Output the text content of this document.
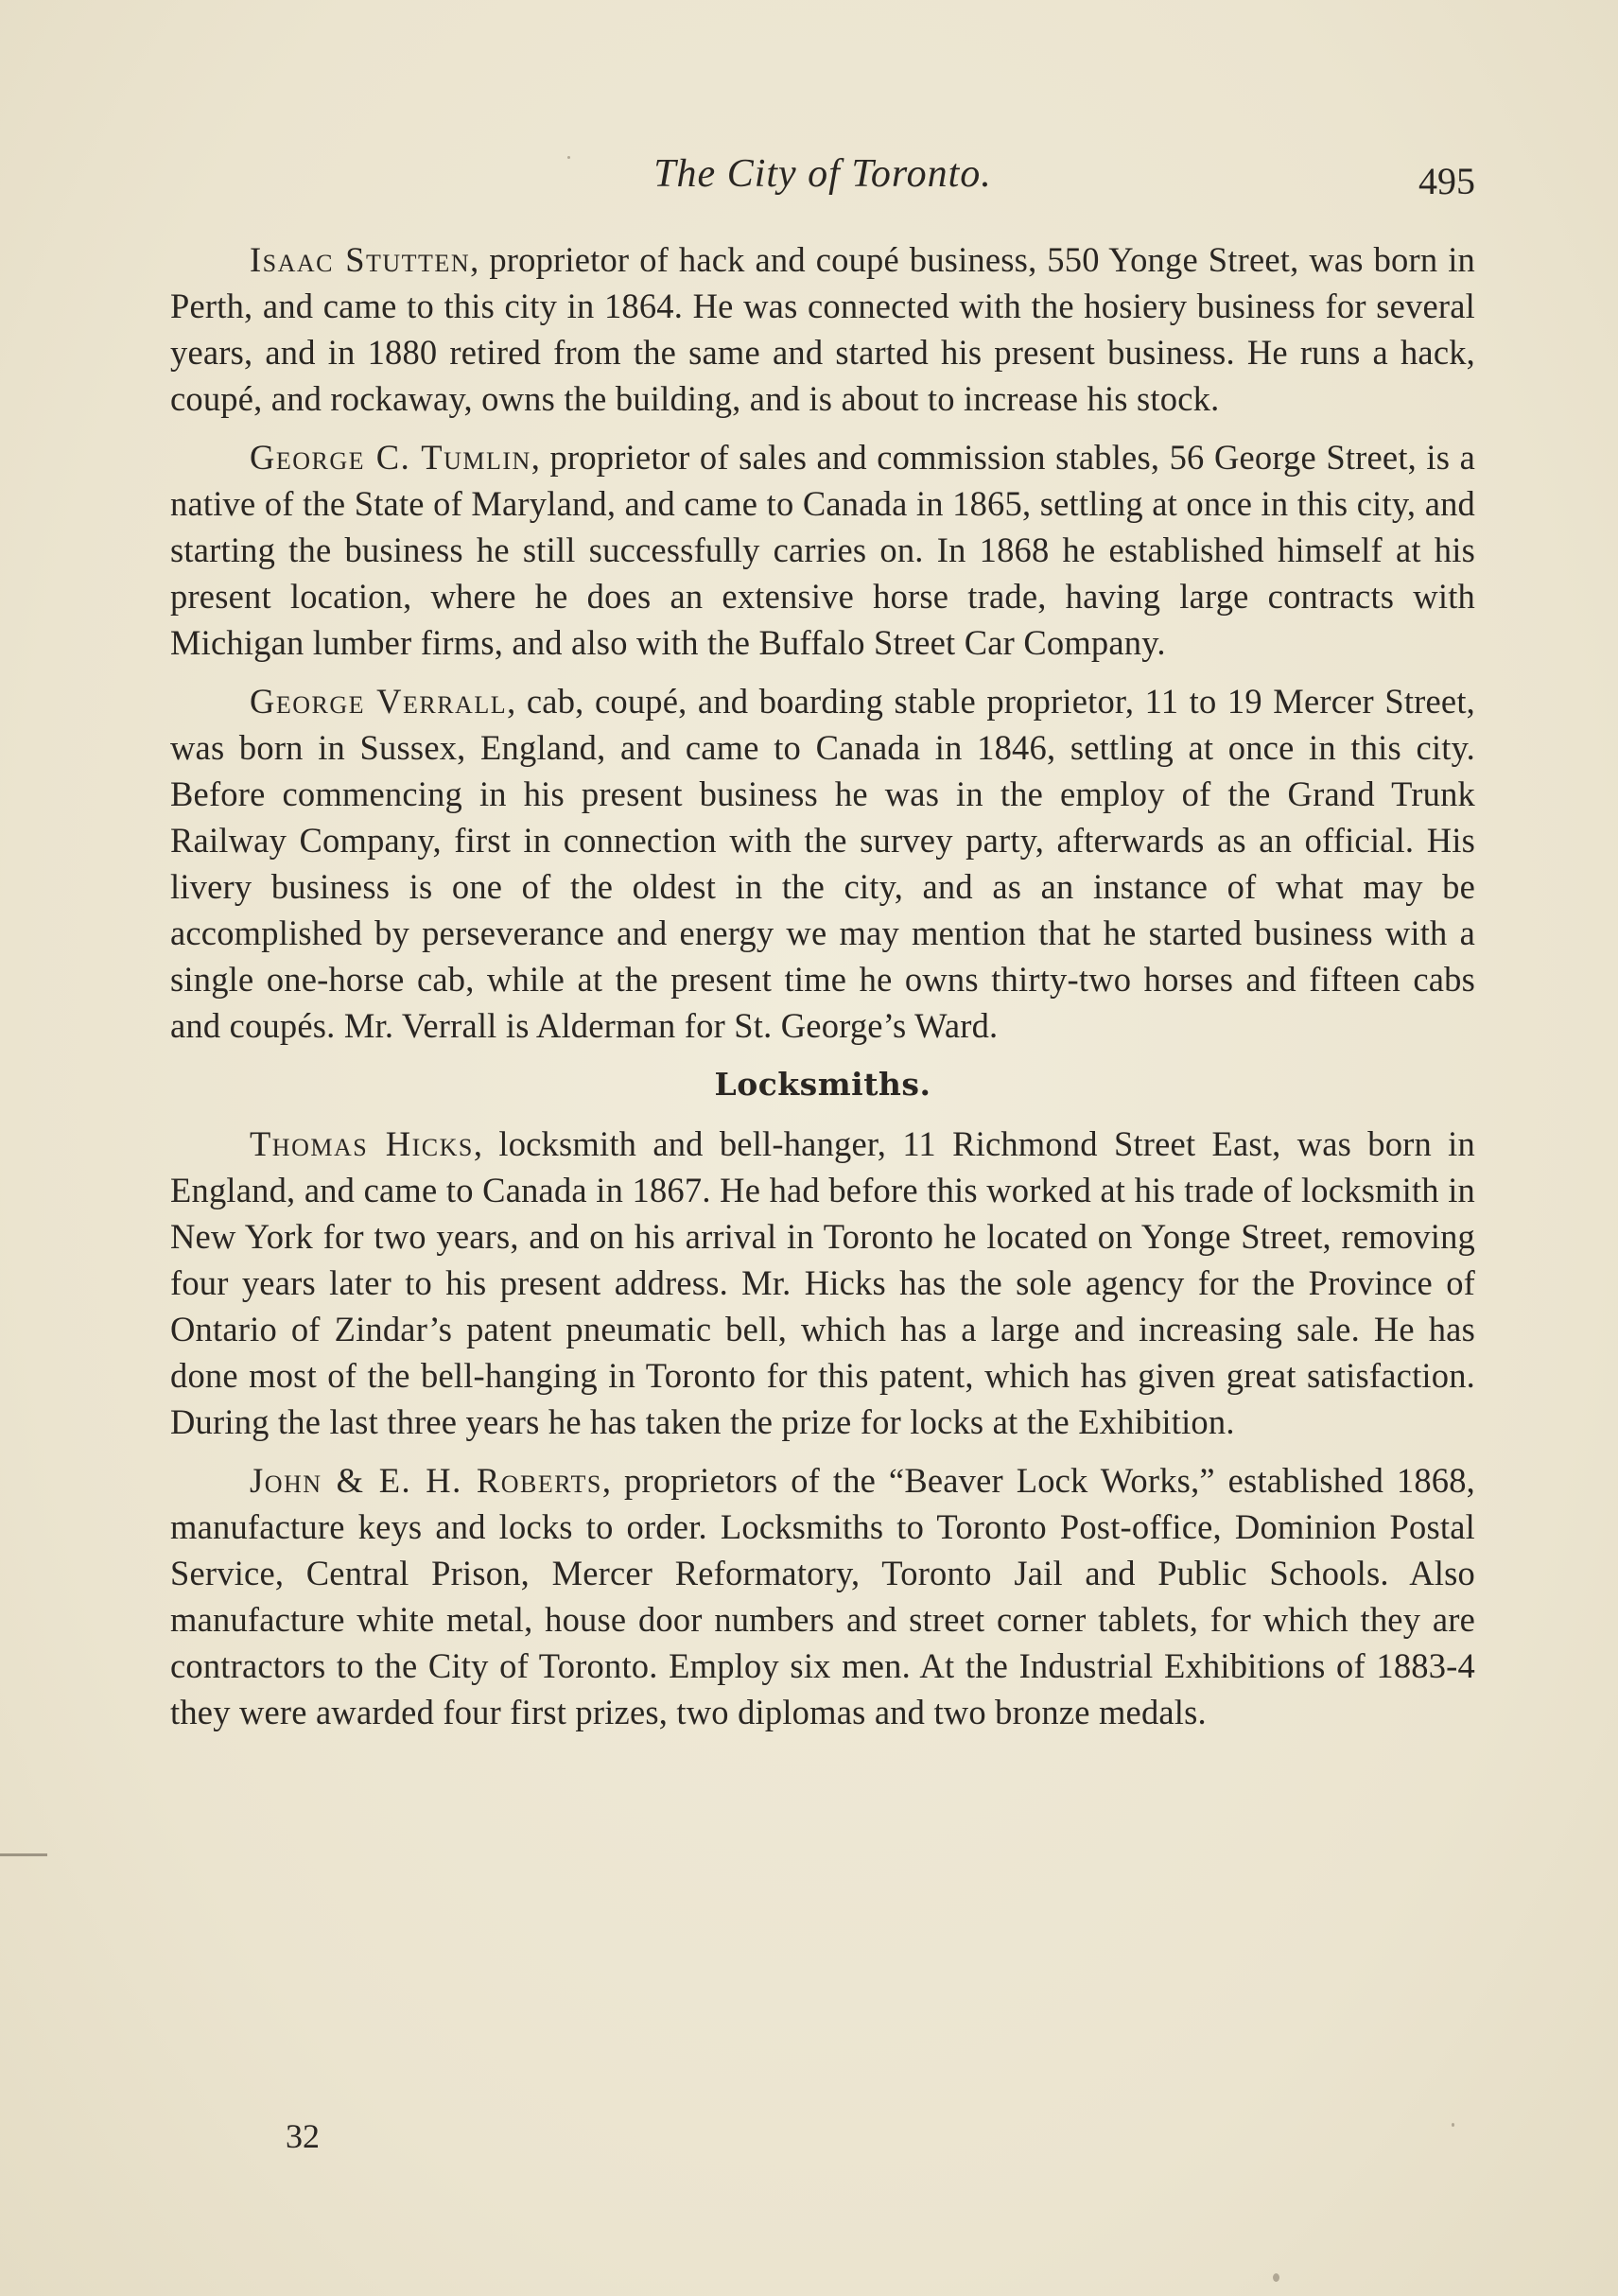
The City of Toronto.	495

Isaac Stutten, proprietor of hack and coupé business, 550 Yonge Street, was born in Perth, and came to this city in 1864. He was connected with the hosiery business for several years, and in 1880 retired from the same and started his present business. He runs a hack, coupé, and rockaway, owns the building, and is about to increase his stock.

George C. Tumlin, proprietor of sales and commission stables, 56 George Street, is a native of the State of Maryland, and came to Canada in 1865, settling at once in this city, and starting the business he still successfully carries on. In 1868 he established himself at his present location, where he does an extensive horse trade, having large contracts with Michigan lumber firms, and also with the Buffalo Street Car Company.

George Verrall, cab, coupé, and boarding stable proprietor, 11 to 19 Mercer Street, was born in Sussex, England, and came to Canada in 1846, settling at once in this city. Before commencing in his present business he was in the employ of the Grand Trunk Railway Company, first in connection with the survey party, afterwards as an official. His livery business is one of the oldest in the city, and as an instance of what may be accomplished by perseverance and energy we may mention that he started business with a single one-horse cab, while at the present time he owns thirty-two horses and fifteen cabs and coupés. Mr. Verrall is Alderman for St. George’s Ward.

Locksmiths.

Thomas Hicks, locksmith and bell-hanger, 11 Richmond Street East, was born in England, and came to Canada in 1867. He had before this worked at his trade of locksmith in New York for two years, and on his arrival in Toronto he located on Yonge Street, removing four years later to his present address. Mr. Hicks has the sole agency for the Province of Ontario of Zindar’s patent pneumatic bell, which has a large and increasing sale. He has done most of the bell-hanging in Toronto for this patent, which has given great satisfaction. During the last three years he has taken the prize for locks at the Exhibition.

John & E. H. Roberts, proprietors of the “Beaver Lock Works,” established 1868, manufacture keys and locks to order. Locksmiths to Toronto Post-office, Dominion Postal Service, Central Prison, Mercer Reformatory, Toronto Jail and Public Schools. Also manufacture white metal, house door numbers and street corner tablets, for which they are contractors to the City of Toronto. Employ six men. At the Industrial Exhibitions of 1883-4 they were awarded four first prizes, two diplomas and two bronze medals.

32
